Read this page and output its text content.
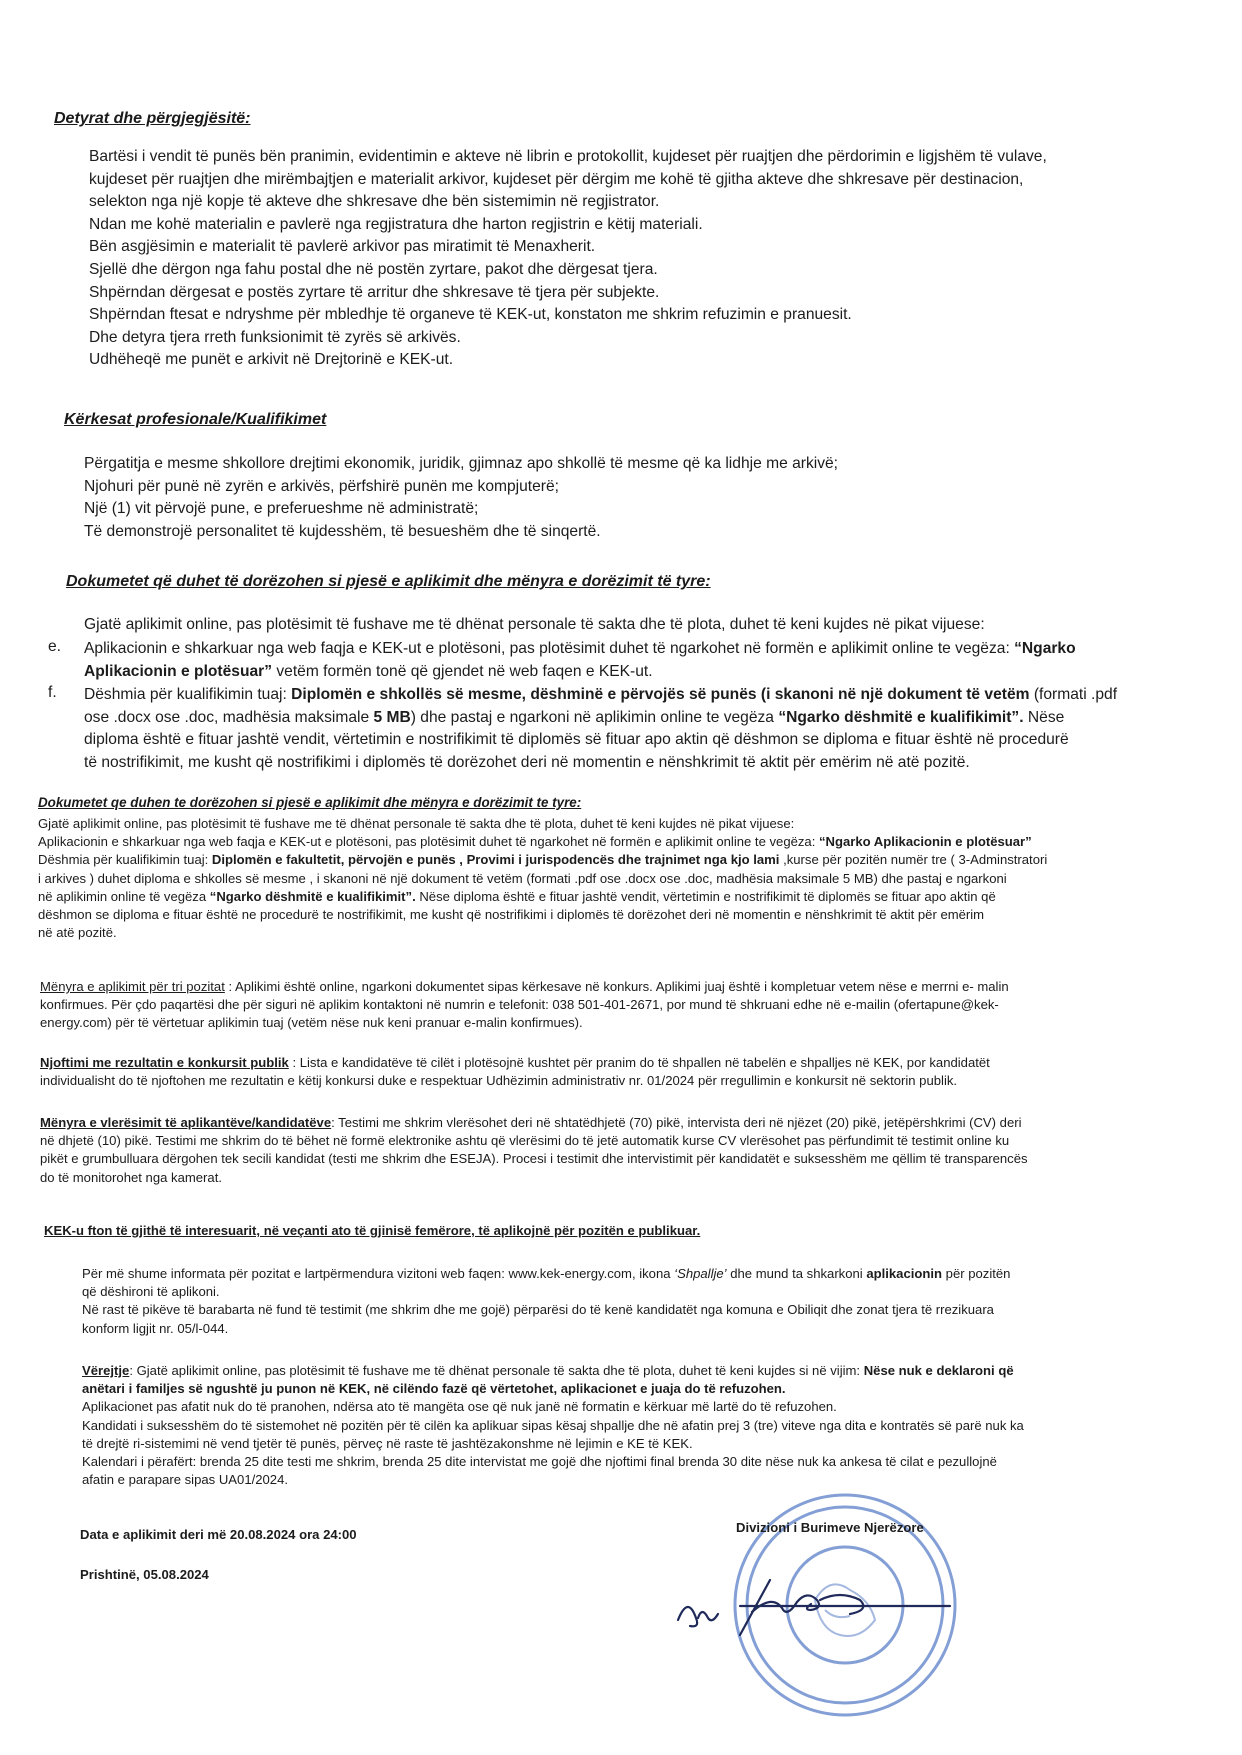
Detyrat dhe përgjegjësitë:
Bartësi i vendit të punës bën pranimin, evidentimin e akteve në librin e protokollit, kujdeset për ruajtjen dhe përdorimin e ligjshëm të vulave,
kujdeset për ruajtjen dhe mirëmbajtjen e materialit arkivor, kujdeset për dërgim me kohë të gjitha akteve dhe shkresave për destinacion,
selekton nga një kopje të akteve dhe shkresave dhe bën sistemimin në regjistrator.
Ndan me kohë materialin e pavlerë nga regjistratura dhe harton regjistrin e këtij materiali.
Bën asgjësimin e materialit të pavlerë arkivor pas miratimit të Menaxherit.
Sjellë dhe dërgon nga fahu postal dhe në postën zyrtare, pakot dhe dërgesat tjera.
Shpërndan dërgesat e postës zyrtare të arritur dhe shkresave të tjera për subjekte.
Shpërndan ftesat e ndryshme për mbledhje të organeve të KEK-ut, konstaton me shkrim refuzimin e pranuesit.
Dhe detyra tjera rreth funksionimit të zyrës së arkivës.
Udhëheqë me punët e arkivit në Drejtorinë e KEK-ut.
Kërkesat profesionale/Kualifikimet
Përgatitja e mesme shkollore drejtimi ekonomik, juridik, gjimnaz apo shkollë të mesme që ka lidhje me arkivë;
Njohuri për punë në zyrën e arkivës, përfshirë punën me kompjuterë;
Një (1) vit përvojë pune, e preferueshme në administratë;
Të demonstrojë personalitet të kujdesshëm, të besueshëm dhe të sinqertë.
Dokumetet që duhet të dorëzohen si pjesë e aplikimit dhe mënyra e dorëzimit të tyre:
Gjatë aplikimit online, pas plotësimit të fushave me të dhënat personale të sakta dhe të plota, duhet të keni kujdes në pikat vijuese:
e. Aplikacionin e shkarkuar nga web faqja e KEK-ut e plotësoni, pas plotësimit duhet të ngarkohet në formën e aplikimit online te vegëza: “Ngarko
Aplikacionin e plotësuar” vetëm formën tonë që gjendet në web faqen e KEK-ut.
f. Dëshmia për kualifikimin tuaj: Diplomën e shkollës së mesme, dëshminë e përvojës së punës (i skanoni në një dokument të vetëm (formati .pdf
ose .docx ose .doc, madhësia maksimale 5 MB) dhe pastaj e ngarkoni në aplikimin online te vegëza “Ngarko dëshmitë e kualifikimit”. Nëse
diploma është e fituar jashtë vendit, vërtetimin e nostrifikimit të diplomës së fituar apo aktin që dëshmon se diploma e fituar është në procedurë
të nostrifikimit, me kusht që nostrifikimi i diplomës të dorëzohet deri në momentin e nënshkrimit të aktit për emërim në atë pozitë.
Dokumetet qe duhen te dorëzohen si pjesë e aplikimit dhe mënyra e dorëzimit te tyre:
Gjatë aplikimit online, pas plotësimit të fushave me të dhënat personale të sakta dhe të plota, duhet të keni kujdes në pikat vijuese:
Aplikacionin e shkarkuar nga web faqja e KEK-ut e plotësoni, pas plotësimit duhet të ngarkohet në formën e aplikimit online te vegëza: “Ngarko Aplikacionin e plotësuar”
Dëshmia për kualifikimin tuaj: Diplomën e fakultetit, përvojën e punës , Provimi i jurispodencës dhe trajnimet nga kjo lami ,kurse për pozitën numër tre ( 3-Adminstratori
i arkives ) duhet diploma e shkolles së mesme , i skanoni në një dokument të vetëm (formati .pdf ose .docx ose .doc, madhësia maksimale 5 MB) dhe pastaj e ngarkoni
në aplikimin online të vegëza “Ngarko dëshmitë e kualifikimit”. Nëse diploma është e fituar jashtë vendit, vërtetimin e nostrifikimit të diplomës se fituar apo aktin që
dëshmon se diploma e fituar është ne procedurë te nostrifikimit, me kusht që nostrifikimi i diplomës të dorëzohet deri në momentin e nënshkrimit të aktit për emërim
në atë pozitë.
Mënyra e aplikimit për tri pozitat : Aplikimi është online, ngarkoni dokumentet sipas kërkesave në konkurs. Aplikimi juaj është i kompletuar vetem nëse e merrni e- malin
konfirmues. Për çdo paqartësi dhe për siguri në aplikim kontaktoni në numrin e telefonit: 038 501-401-2671, por mund të shkruani edhe në e-mailin (ofertapune@kek-
energy.com) për të vërtetuar aplikimin tuaj (vetëm nëse nuk keni pranuar e-malin konfirmues).
Njoftimi me rezultatin e konkursit publik : Lista e kandidatëve të cilët i plotësojnë kushtet për pranim do të shpallen në tabelën e shpalljes në KEK, por kandidatët
individualisht do të njoftohen me rezultatin e këtij konkursi duke e respektuar Udhëzimin administrativ nr. 01/2024 për rregullimin e konkursit në sektorin publik.
Mënyra e vlerësimit të aplikantëve/kandidatëve: Testimi me shkrim vlerësohet deri në shtatëdhjetë (70) pikë, intervista deri në njëzet (20) pikë, jetëpërshkrimi (CV) deri
në dhjetë (10) pikë. Testimi me shkrim do të bëhet në formë elektronike ashtu që vlerësimi do të jetë automatik kurse CV vlerësohet pas përfundimit të testimit online ku
pikët e grumbulluara dërgohen tek secili kandidat (testi me shkrim dhe ESEJA). Procesi i testimit dhe intervistimit për kandidatët e suksesshëm me qëllim të transparencës
do të monitorohet nga kamerat.
KEK-u fton të gjithë të interesuarit, në veçanti ato të gjinisë femërore, të aplikojnë për pozitën e publikuar.
Për më shume informata për pozitat e lartpërmendura vizitoni web faqen: www.kek-energy.com, ikona ‘Shpallje’ dhe mund ta shkarkoni aplikacionin për pozitën
që dëshironi të aplikoni.
Në rast të pikëve të barabarta në fund të testimit (me shkrim dhe me gojë) përparësi do të kenë kandidatët nga komuna e Obiliqit dhe zonat tjera të rrezikuara
konform ligjit nr. 05/l-044.
Vërejtje: Gjatë aplikimit online, pas plotësimit të fushave me të dhënat personale të sakta dhe të plota, duhet të keni kujdes si në vijim: Nëse nuk e deklaroni që
anëtari i familjes së ngushtë ju punon në KEK, në cilëndo fazë që vërtetohet, aplikacionet e juaja do të refuzohen.
Aplikacionet pas afatit nuk do të pranohen, ndërsa ato të mangëta ose që nuk janë në formatin e kërkuar më lartë do të refuzohen.
Kandidati i suksesshëm do të sistemohet në pozitën për të cilën ka aplikuar sipas kësaj shpallje dhe në afatin prej 3 (tre) viteve nga dita e kontratës së parë nuk ka
të drejtë ri-sistemimi në vend tjetër të punës, përveç në raste të jashtëzakonshme në lejimin e KE të KEK.
Kalendari i përafërt: brenda 25 dite testi me shkrim, brenda 25 dite intervistat me gojë dhe njoftimi final brenda 30 dite nëse nuk ka ankesa të cilat e pezullojnë
afatin e parapare sipas UA01/2024.
Data e aplikimit deri më 20.08.2024 ora 24:00
Prishtinë, 05.08.2024
Divizioni i Burimeve Njerëzore
